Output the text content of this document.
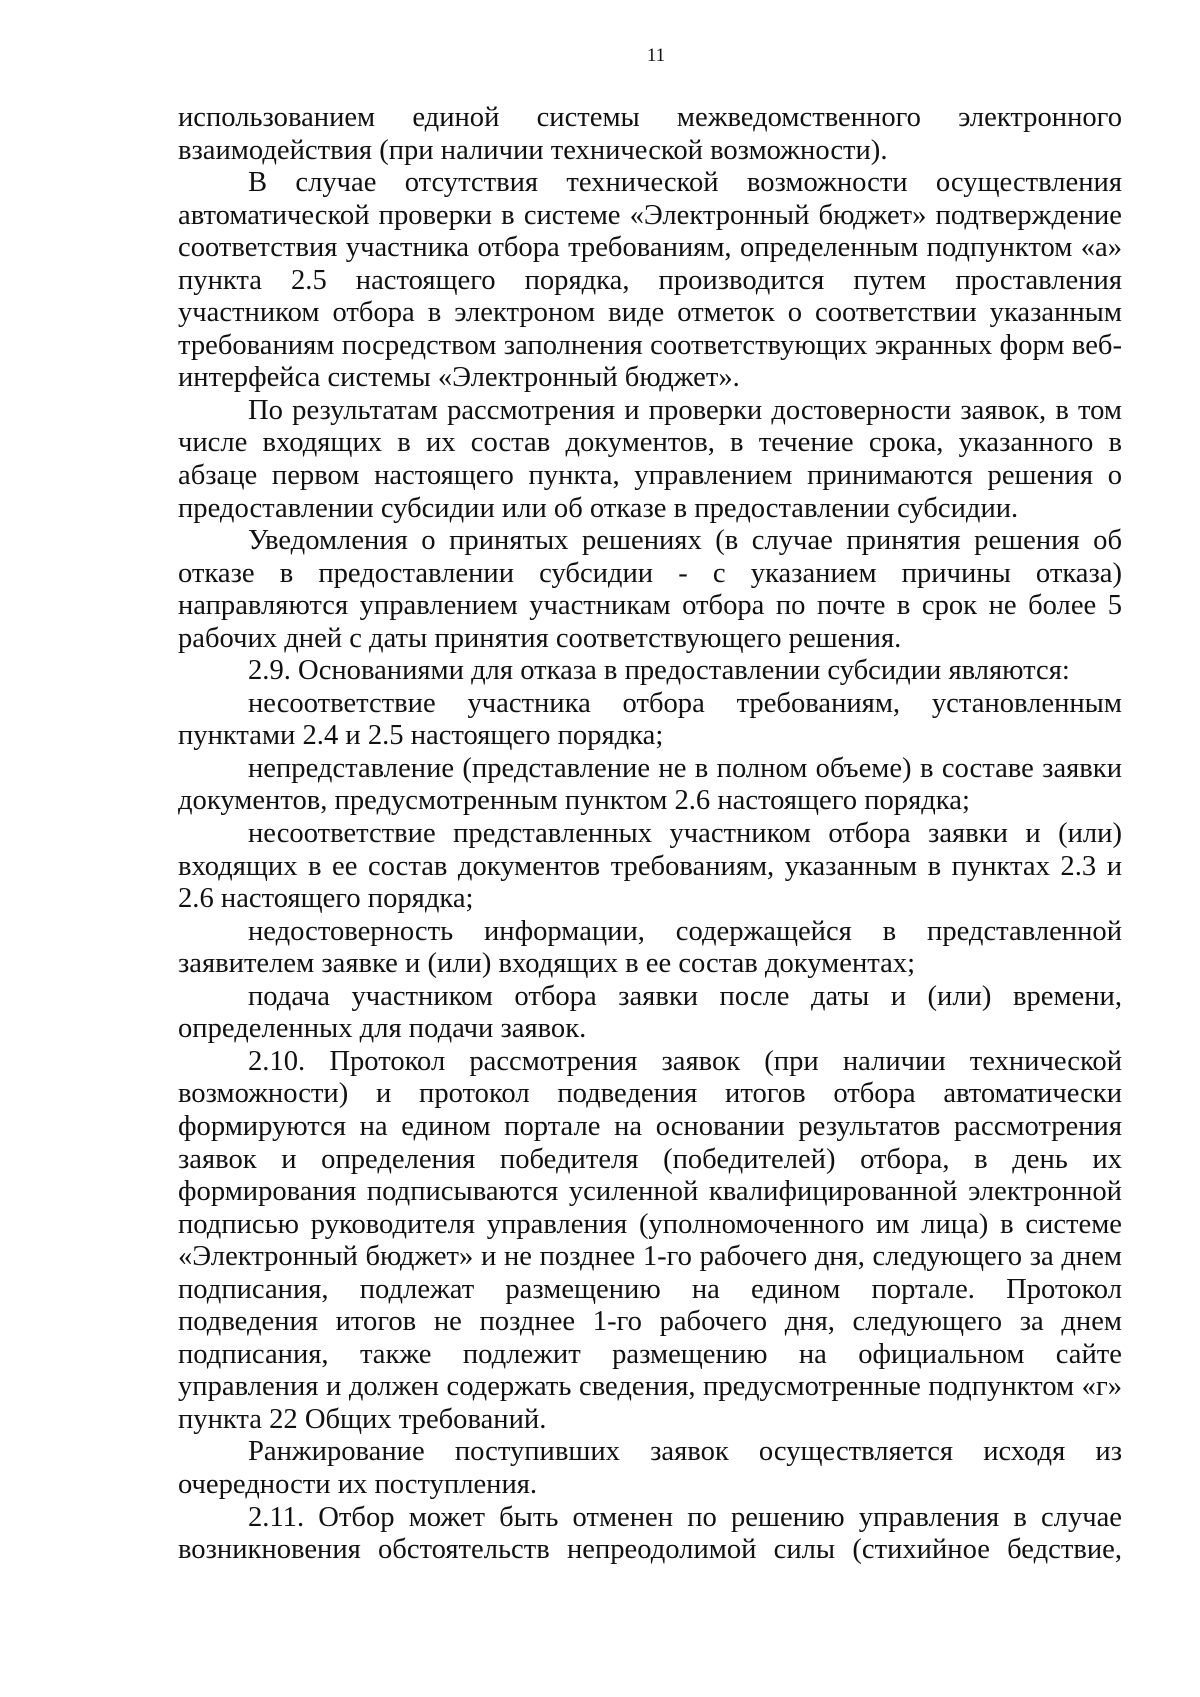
11

использованием единой системы межведомственного электронного взаимодействия (при наличии технической возможности).

В случае отсутствия технической возможности осуществления автоматической проверки в системе «Электронный бюджет» подтверждение соответствия участника отбора требованиям, определенным подпунктом «а» пункта 2.5 настоящего порядка, производится путем проставления участником отбора в электроном виде отметок о соответствии указанным требованиям посредством заполнения соответствующих экранных форм веб-интерфейса системы «Электронный бюджет».

По результатам рассмотрения и проверки достоверности заявок, в том числе входящих в их состав документов, в течение срока, указанного в абзаце первом настоящего пункта, управлением принимаются решения о предоставлении субсидии или об отказе в предоставлении субсидии.

Уведомления о принятых решениях (в случае принятия решения об отказе в предоставлении субсидии - с указанием причины отказа) направляются управлением участникам отбора по почте в срок не более 5 рабочих дней с даты принятия соответствующего решения.

2.9. Основаниями для отказа в предоставлении субсидии являются:

несоответствие участника отбора требованиям, установленным пунктами 2.4 и 2.5 настоящего порядка;

непредставление (представление не в полном объеме) в составе заявки документов, предусмотренным пунктом 2.6 настоящего порядка;

несоответствие представленных участником отбора заявки и (или) входящих в ее состав документов требованиям, указанным в пунктах 2.3 и 2.6 настоящего порядка;

недостоверность информации, содержащейся в представленной заявителем заявке и (или) входящих в ее состав документах;

подача участником отбора заявки после даты и (или) времени, определенных для подачи заявок.

2.10. Протокол рассмотрения заявок (при наличии технической возможности) и протокол подведения итогов отбора автоматически формируются на едином портале на основании результатов рассмотрения заявок и определения победителя (победителей) отбора, в день их формирования подписываются усиленной квалифицированной электронной подписью руководителя управления (уполномоченного им лица) в системе «Электронный бюджет» и не позднее 1-го рабочего дня, следующего за днем подписания, подлежат размещению на едином портале. Протокол подведения итогов не позднее 1-го рабочего дня, следующего за днем подписания, также подлежит размещению на официальном сайте управления и должен содержать сведения, предусмотренные подпунктом «г» пункта 22 Общих требований.

Ранжирование поступивших заявок осуществляется исходя из очередности их поступления.

2.11. Отбор может быть отменен по решению управления в случае возникновения обстоятельств непреодолимой силы (стихийное бедствие,
